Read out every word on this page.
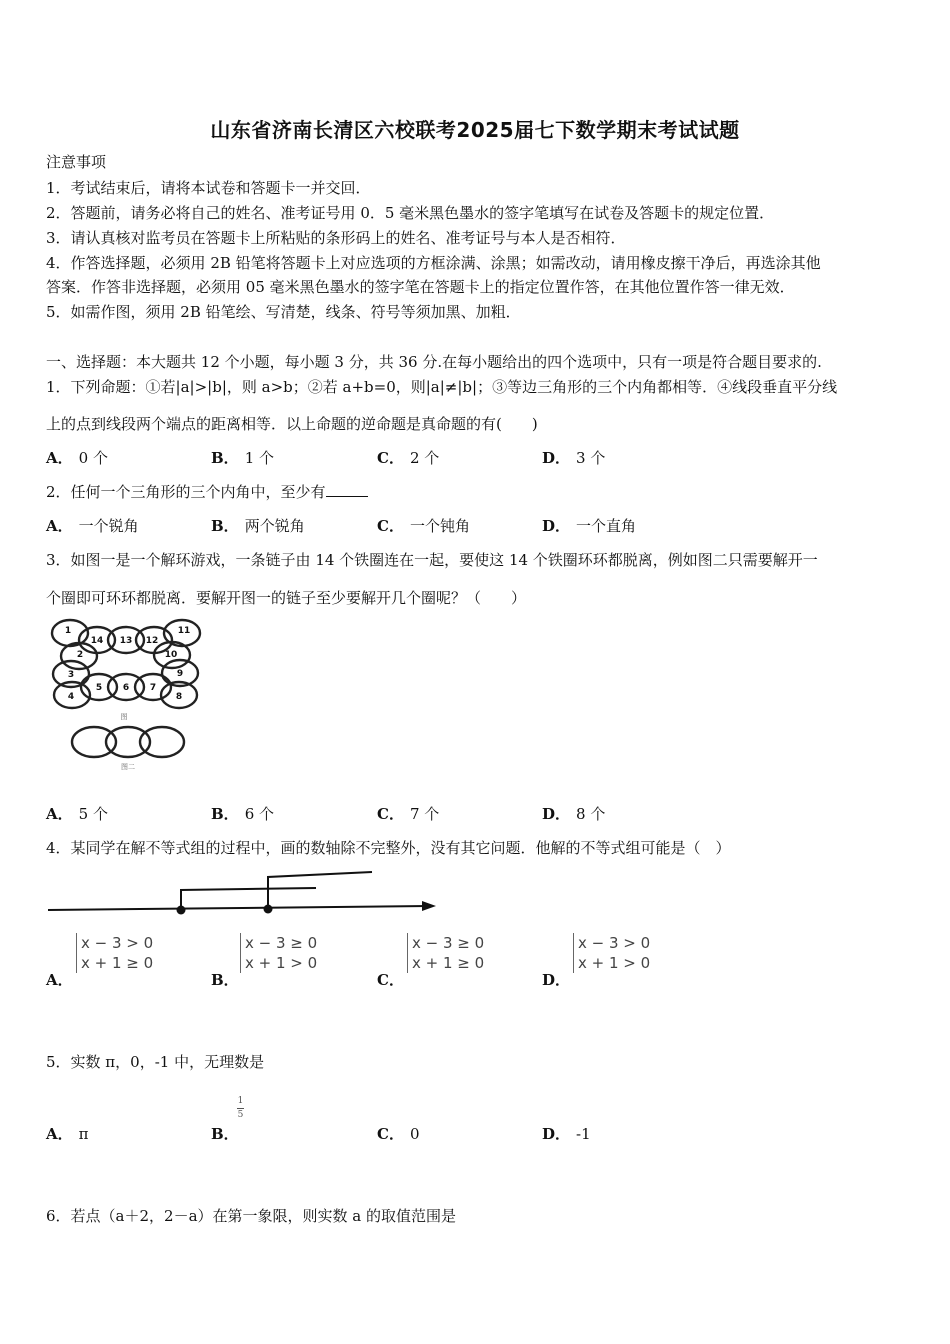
山东省济南长清区六校联考2025届七下数学期末考试试题
注意事项
1．考试结束后，请将本试卷和答题卡一并交回．
2．答题前，请务必将自己的姓名、准考证号用 0．5 毫米黑色墨水的签字笔填写在试卷及答题卡的规定位置．
3．请认真核对监考员在答题卡上所粘贴的条形码上的姓名、准考证号与本人是否相符．
4．作答选择题，必须用 2B 铅笔将答题卡上对应选项的方框涂满、涂黑；如需改动，请用橡皮擦干净后，再选涂其他
答案．作答非选择题，必须用 05 毫米黑色墨水的签字笔在答题卡上的指定位置作答，在其他位置作答一律无效．
5．如需作图，须用 2B 铅笔绘、写清楚，线条、符号等须加黑、加粗．
一、选择题：本大题共 12 个小题，每小题 3 分，共 36 分.在每小题给出的四个选项中，只有一项是符合题目要求的.
1．下列命题：①若|a|>|b|，则 a>b；②若 a+b=0，则|a|≠|b|；③等边三角形的三个内角都相等．④线段垂直平分线
上的点到线段两个端点的距离相等．以上命题的逆命题是真命题的有(　　)
A． 0 个	B． 1 个	C． 2 个	D． 3 个
2．任何一个三角形的三个内角中，至少有
A． 一个锐角	B． 两个锐角	C． 一个钝角	D． 一个直角
3．如图一是一个解环游戏，一条链子由 14 个铁圈连在一起，要使这 14 个铁圈环环都脱离，例如图二只需要解开一
个圈即可环环都脱离．要解开图一的链子至少要解开几个圈呢？（　　）
1
14 13 12
11
2	10
3	9
4
5 6 7
8
图
图二
A． 5 个	B． 6 个	C． 7 个	D． 8 个
4．某同学在解不等式组的过程中，画的数轴除不完整外，没有其它问题．他解的不等式组可能是（　）
A．
x − 3 > 0
x + 1 ≥ 0
B．
x − 3 ≥ 0
x + 1 > 0
C．
x − 3 ≥ 0
x + 1 ≥ 0
D．
x − 3 > 0
x + 1 > 0
5．实数 π，0，-1 中，无理数是
A． π	B．
1
5
C． 0	D． -1
6．若点（a＋2，2－a）在第一象限，则实数 a 的取值范围是
